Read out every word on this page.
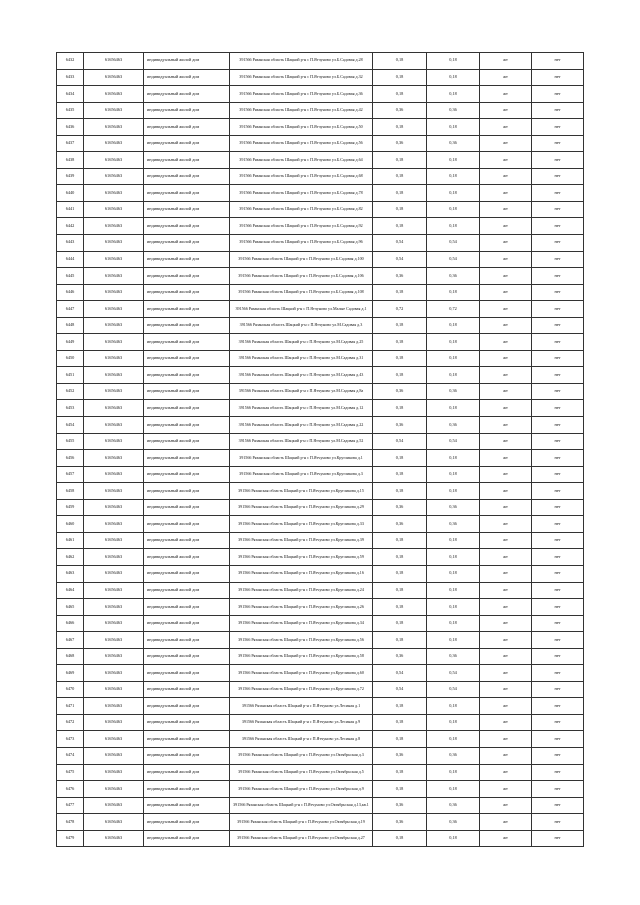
6432	61656463	индивидуальный жилой дом	391566 Рязанская область Шацкий р-н с П.Ятчуново ул.Б.Садовая д.28	0,18	0,18	жт	нет
6433	61656463	индивидуальный жилой дом	391566 Рязанская область Шацкий р-н с П.Ятчуново ул.Б.Садовая д.32	0,18	0,18	жт	нет
6434	61656463	индивидуальный жилой дом	391566 Рязанская область Шацкий р-н с П.Ятчуново ул.Б.Садовая д.36	0,18	0,18	жт	нет
6435	61656463	индивидуальный жилой дом	391566 Рязанская область Шацкий р-н с П.Ятчуново ул.Б.Садовая д.42	0,36	0,36	жт	нет
6436	61656463	индивидуальный жилой дом	391566 Рязанская область Шацкий р-н с П.Ятчуново ул.Б.Садовая д.50	0,18	0,18	жт	нет
6437	61656463	индивидуальный жилой дом	391566 Рязанская область Шацкий р-н с П.Ятчуново ул.Б.Садовая д.56	0,36	0,36	жт	нет
6438	61656463	индивидуальный жилой дом	391566 Рязанская область Шацкий р-н с П.Ятчуново ул.Б.Садовая д.64	0,18	0,18	жт	нет
6439	61656463	индивидуальный жилой дом	391566 Рязанская область Шацкий р-н с П.Ятчуново ул.Б.Садовая д.68	0,18	0,18	жт	нет
6440	61656463	индивидуальный жилой дом	391566 Рязанская область Шацкий р-н с П.Ятчуново ул.Б.Садовая д.78	0,18	0,18	жт	нет
6441	61656463	индивидуальный жилой дом	391566 Рязанская область Шацкий р-н с П.Ятчуново ул.Б.Садовая д.82	0,18	0,18	жт	нет
6442	61656463	индивидуальный жилой дом	391566 Рязанская область Шацкий р-н с П.Ятчуново ул.Б.Садовая д.92	0,18	0,18	жт	нет
6443	61656463	индивидуальный жилой дом	391566 Рязанская область Шацкий р-н с П.Ятчуново ул.Б.Садовая д.96	0,54	0,54	жт	нет
6444	61656463	индивидуальный жилой дом	391566 Рязанская область Шацкий р-н с П.Ятчуново ул.Б.Садовая д.100	0,54	0,54	жт	нет
6445	61656463	индивидуальный жилой дом	391566 Рязанская область Шацкий р-н с П.Ятчуново ул.Б.Садовая д.106	0,36	0,36	жт	нет
6446	61656463	индивидуальный жилой дом	391566 Рязанская область Шацкий р-н с П.Ятчуново ул.Б.Садовая д.108	0,18	0,18	жт	нет
6447	61656463	индивидуальный жилой дом	391566 Рязанская область Шацкий р-н с П.Ятчуново ул.Малые Садовая д.1	0,72	0,72	жт	нет
6448	61656463	индивидуальный жилой дом	391566 Рязанская область Шацкий р-н с П.Ятчуново ул.М.Садовая д.3	0,18	0,18	жт	нет
6449	61656463	индивидуальный жилой дом	391566 Рязанская область Шацкий р-н с П.Ятчуново ул.М.Садовая д.25	0,18	0,18	жт	нет
6450	61656463	индивидуальный жилой дом	391566 Рязанская область Шацкий р-н с П.Ятчуново ул.М.Садовая д.31	0,18	0,18	жт	нет
6451	61656463	индивидуальный жилой дом	391566 Рязанская область Шацкий р-н с П.Ятчуново ул.М.Садовая д.43	0,18	0,18	жт	нет
6452	61656463	индивидуальный жилой дом	391566 Рязанская область Шацкий р-н с П.Ятчуново ул.М.Садовая д.8а	0,36	0,36	жт	нет
6453	61656463	индивидуальный жилой дом	391566 Рязанская область Шацкий р-н с П.Ятчуново ул.М.Садовая д.12	0,18	0,18	жт	нет
6454	61656463	индивидуальный жилой дом	391566 Рязанская область Шацкий р-н с П.Ятчуново ул.М.Садовая д.22	0,36	0,36	жт	нет
6455	61656463	индивидуальный жилой дом	391566 Рязанская область Шацкий р-н с П.Ятчуново ул.М.Садовая д.52	0,54	0,54	жт	нет
6456	61656463	индивидуальный жилой дом	391566 Рязанская область Шацкий р-н с П.Ятчуново ул.Кругликова д.1	0,18	0,18	жт	нет
6457	61656463	индивидуальный жилой дом	391566 Рязанская область Шацкий р-н с П.Ятчуново ул.Кругликова д.3	0,18	0,18	жт	нет
6458	61656463	индивидуальный жилой дом	391566 Рязанская область Шацкий р-н с П.Ятчуново ул.Кругликова д.15	0,18	0,18	жт	нет
6459	61656463	индивидуальный жилой дом	391566 Рязанская область Шацкий р-н с П.Ятчуново ул.Кругликова д.29	0,36	0,36	жт	нет
6460	61656463	индивидуальный жилой дом	391566 Рязанская область Шацкий р-н с П.Ятчуново ул.Кругликова д.33	0,36	0,36	жт	нет
6461	61656463	индивидуальный жилой дом	391566 Рязанская область Шацкий р-н с П.Ятчуново ул.Кругликова д.39	0,18	0,18	жт	нет
6462	61656463	индивидуальный жилой дом	391566 Рязанская область Шацкий р-н с П.Ятчуново ул.Кругликова д.59	0,18	0,18	жт	нет
6463	61656463	индивидуальный жилой дом	391566 Рязанская область Шацкий р-н с П.Ятчуново ул.Кругликова д.16	0,18	0,18	жт	нет
6464	61656463	индивидуальный жилой дом	391566 Рязанская область Шацкий р-н с П.Ятчуново ул.Кругликова д.24	0,18	0,18	жт	нет
6465	61656463	индивидуальный жилой дом	391566 Рязанская область Шацкий р-н с П.Ятчуново ул.Кругликова д.26	0,18	0,18	жт	нет
6466	61656463	индивидуальный жилой дом	391566 Рязанская область Шацкий р-н с П.Ятчуново ул.Кругликова д.34	0,18	0,18	жт	нет
6467	61656463	индивидуальный жилой дом	391566 Рязанская область Шацкий р-н с П.Ятчуново ул.Кругликова д.56	0,18	0,18	жт	нет
6468	61656463	индивидуальный жилой дом	391566 Рязанская область Шацкий р-н с П.Ятчуново ул.Кругликова д.58	0,36	0,36	жт	нет
6469	61656463	индивидуальный жилой дом	391566 Рязанская область Шацкий р-н с П.Ятчуново ул.Кругликова д.60	0,54	0,54	жт	нет
6470	61656463	индивидуальный жилой дом	391566 Рязанская область Шацкий р-н с П.Ятчуново ул.Кругликова д.72	0,54	0,54	жт	нет
6471	61656463	индивидуальный жилой дом	391566 Рязанская область Шацкий р-н с П.Ятчуново ул.Лесиная д.1	0,18	0,18	жт	нет
6472	61656463	индивидуальный жилой дом	391566 Рязанская область Шацкий р-н с П.Ятчуново ул.Лесиная д.9	0,18	0,18	жт	нет
6473	61656463	индивидуальный жилой дом	391566 Рязанская область Шацкий р-н с П.Ятчуново ул.Лесиная д.8	0,18	0,18	жт	нет
6474	61656463	индивидуальный жилой дом	391566 Рязанская область Шацкий р-н с П.Ятчуново ул.Октябрьская д.3	0,36	0,36	жт	нет
6475	61656463	индивидуальный жилой дом	391566 Рязанская область Шацкий р-н с П.Ятчуново ул.Октябрьская д.5	0,18	0,18	жт	нет
6476	61656463	индивидуальный жилой дом	391566 Рязанская область Шацкий р-н с П.Ятчуново ул.Октябрьская д.9	0,18	0,18	жт	нет
6477	61656463	индивидуальный жилой дом	391566 Рязанская область Шацкий р-н с П.Ятчуново ул.Октябрьская д.13,кв.1	0,36	0,36	жт	нет
6478	61656463	индивидуальный жилой дом	391566 Рязанская область Шацкий р-н с П.Ятчуново ул.Октябрьская д.19	0,36	0,36	жт	нет
6479	61656463	индивидуальный жилой дом	391566 Рязанская область Шацкий р-н с П.Ятчуново ул.Октябрьская д.27	0,18	0,18	жт	нет
